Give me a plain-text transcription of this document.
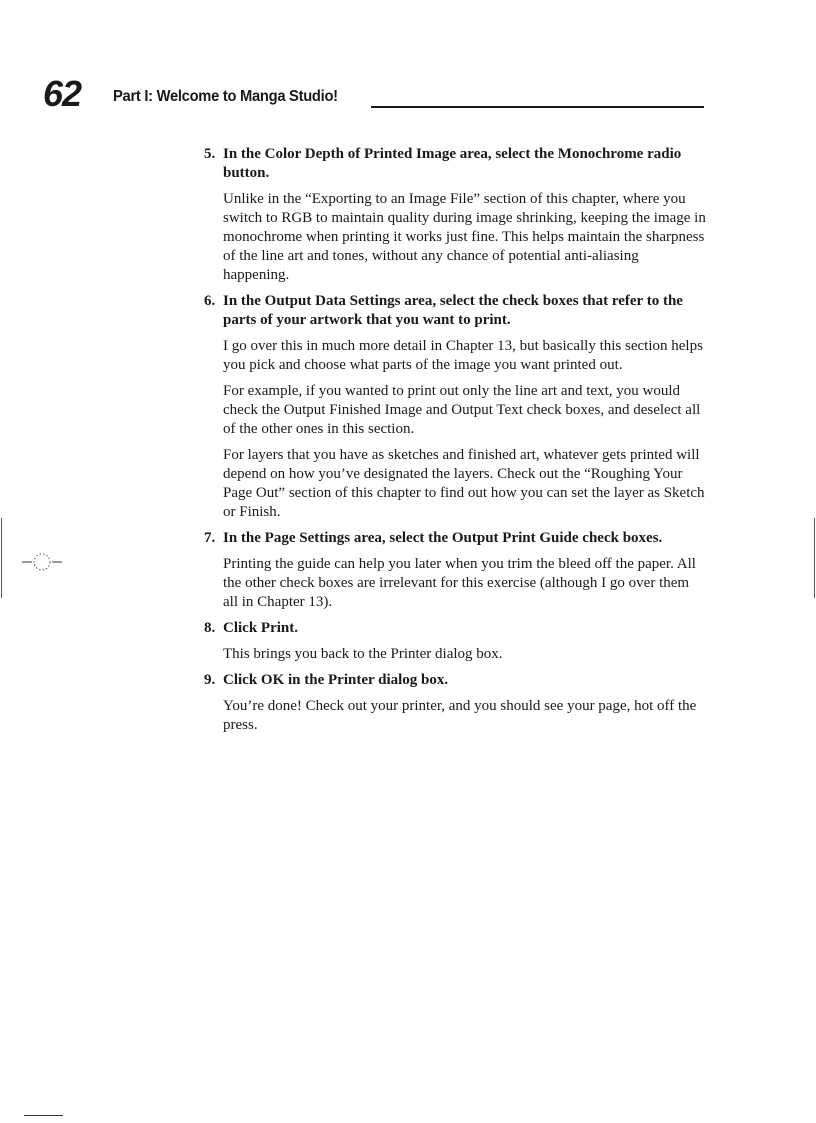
62 Part I: Welcome to Manga Studio!
5. In the Color Depth of Printed Image area, select the Monochrome radio button.
Unlike in the “Exporting to an Image File” section of this chapter, where you switch to RGB to maintain quality during image shrinking, keeping the image in monochrome when printing it works just fine. This helps maintain the sharpness of the line art and tones, without any chance of potential anti-aliasing happening.
6. In the Output Data Settings area, select the check boxes that refer to the parts of your artwork that you want to print.
I go over this in much more detail in Chapter 13, but basically this section helps you pick and choose what parts of the image you want printed out.
For example, if you wanted to print out only the line art and text, you would check the Output Finished Image and Output Text check boxes, and deselect all of the other ones in this section.
For layers that you have as sketches and finished art, whatever gets printed will depend on how you’ve designated the layers. Check out the “Roughing Your Page Out” section of this chapter to find out how you can set the layer as Sketch or Finish.
7. In the Page Settings area, select the Output Print Guide check boxes.
Printing the guide can help you later when you trim the bleed off the paper. All the other check boxes are irrelevant for this exercise (although I go over them all in Chapter 13).
8. Click Print.
This brings you back to the Printer dialog box.
9. Click OK in the Printer dialog box.
You’re done! Check out your printer, and you should see your page, hot off the press.
